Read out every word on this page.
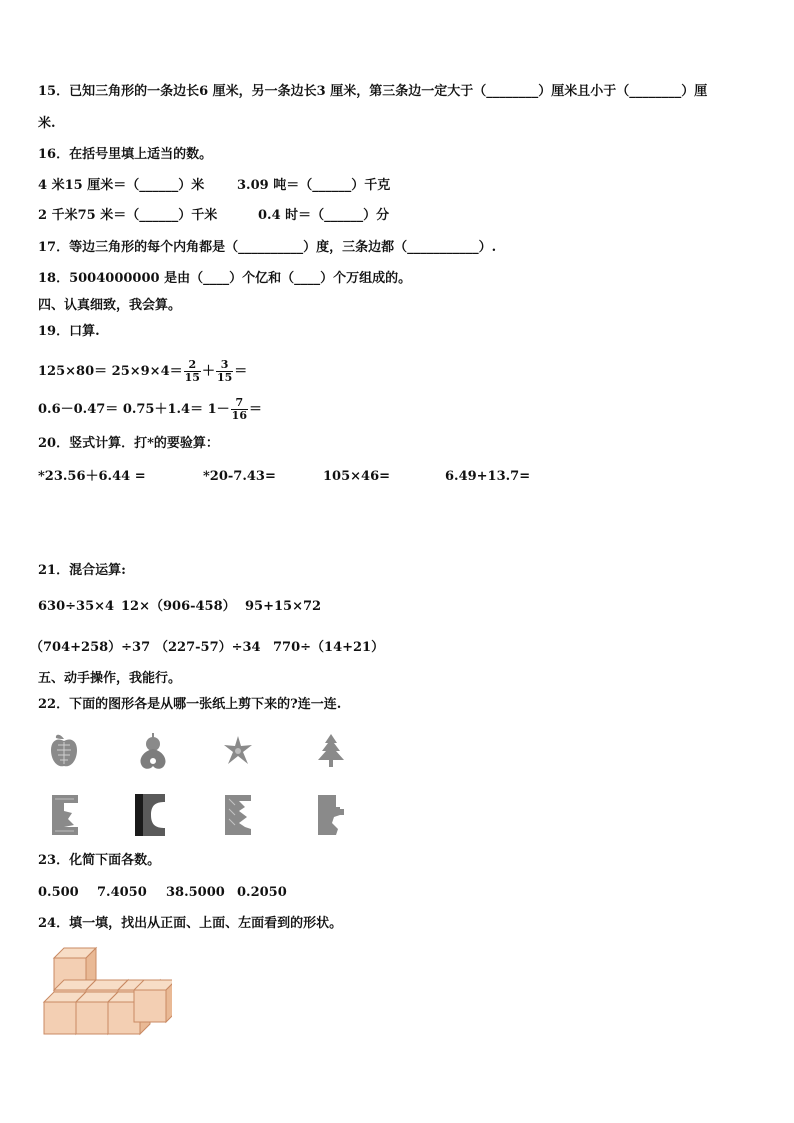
15．已知三角形的一条边长6 厘米，另一条边长3 厘米，第三条边一定大于（________）厘米且小于（________）厘
米.
16．在括号里填上适当的数。
4 米15 厘米＝（______）米	3.09 吨＝（______）千克
2 千米75 米＝（______）千米	0.4 时＝（______）分
17．等边三角形的每个内角都是（__________）度，三条边都（___________）.
18．5004000000 是由（____）个亿和（____）个万组成的。
四、认真细致，我会算。
19．口算.
$125\times 80= 25\times 9\times 4= \frac{2}{15} + \frac{3}{15}$ ＝
$0.6-0.47= 0.75+1.4= 1- \frac{7}{16}$ ＝
20．竖式计算．打*的要验算：
*23.56＋6.44 =	*20-7.43=	105×46=	6.49+13.7=
21．混合运算:
630÷35×4 12×（906-458） 95+15×72
（704+258）÷37 （227-57）÷34 770÷（14+21）
五、动手操作，我能行。
22．下面的图形各是从哪一张纸上剪下来的?连一连.
23．化简下面各数。
0.500 7.4050 38.5000 0.2050
24．填一填，找出从正面、上面、左面看到的形状。
